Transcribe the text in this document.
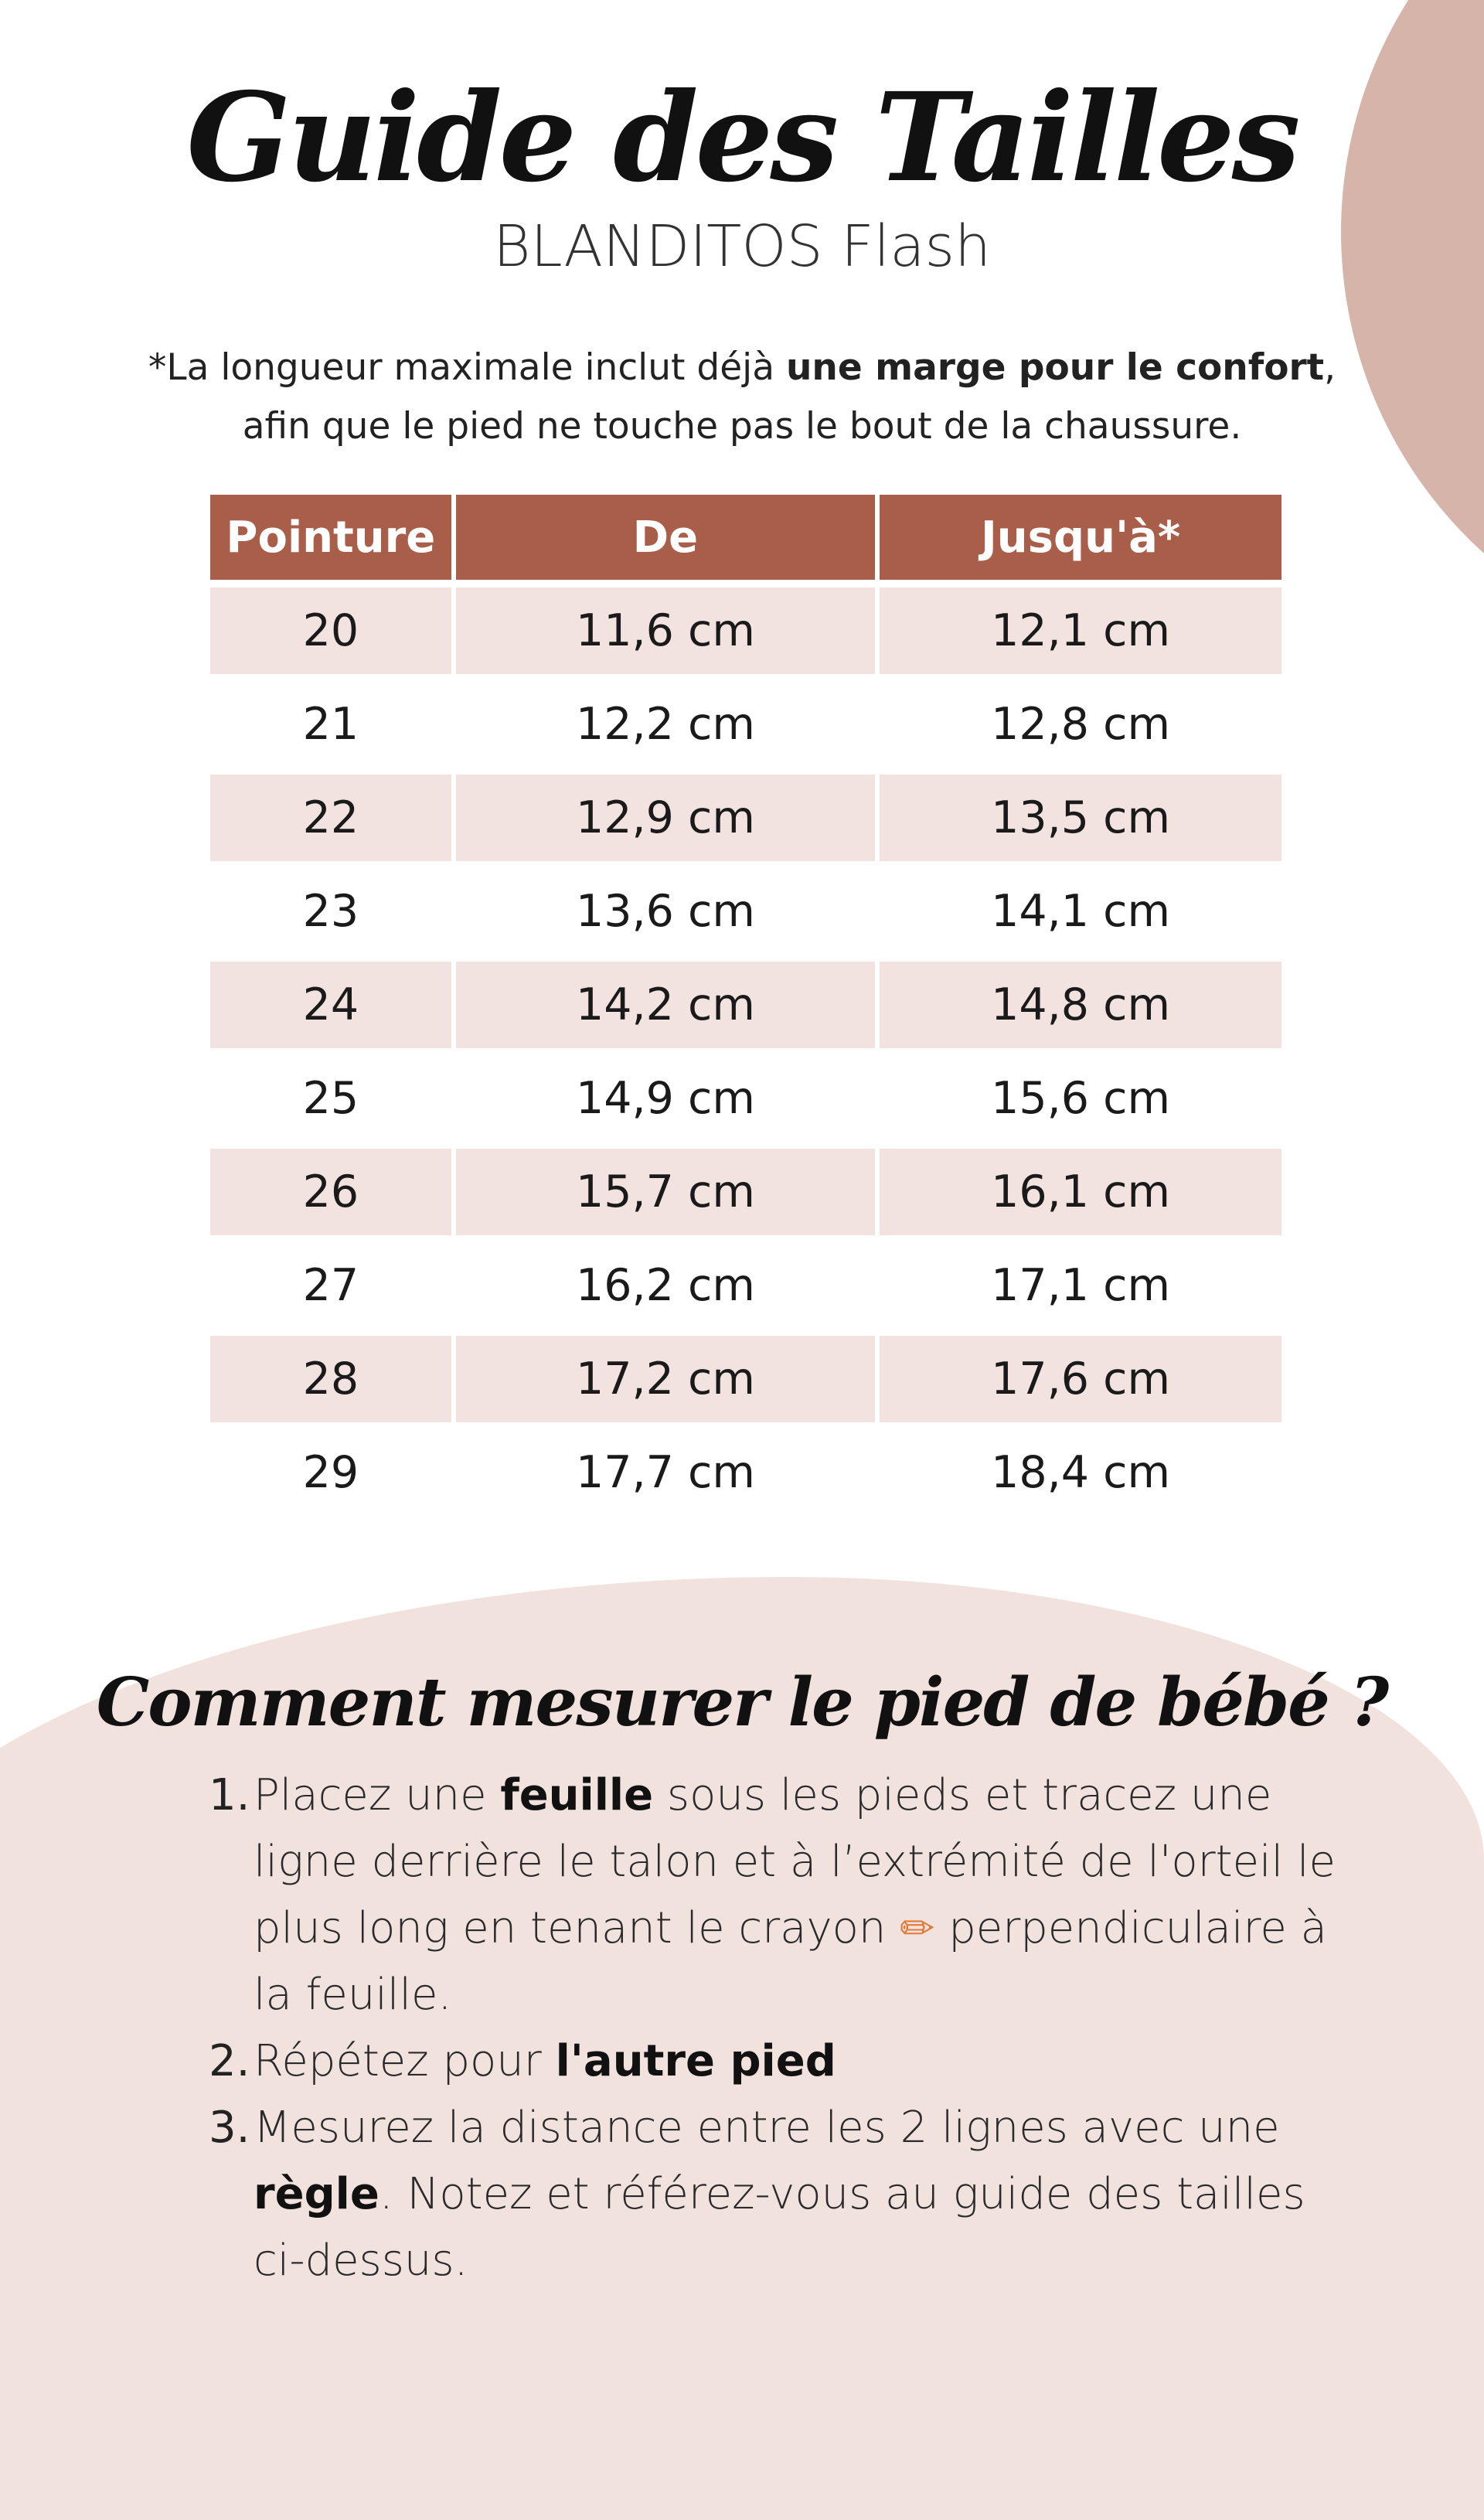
Guide des Tailles
BLANDITOS Flash
*La longueur maximale inclut déjà une marge pour le confort,
afin que le pied ne touche pas le bout de la chaussure.
Pointure	De	Jusqu'à*
20	11,6 cm	12,1 cm
21	12,2 cm	12,8 cm
22	12,9 cm	13,5 cm
23	13,6 cm	14,1 cm
24	14,2 cm	14,8 cm
25	14,9 cm	15,6 cm
26	15,7 cm	16,1 cm
27	16,2 cm	17,1 cm
28	17,2 cm	17,6 cm
29	17,7 cm	18,4 cm
Comment mesurer le pied de bébé ?
1. Placez une feuille sous les pieds et tracez une ligne derrière le talon et à l’extrémité de l'orteil le plus long en tenant le crayon ✏ perpendiculaire à la feuille.
2. Répétez pour l'autre pied
3. Mesurez la distance entre les 2 lignes avec une règle. Notez et référez-vous au guide des tailles ci-dessus.
